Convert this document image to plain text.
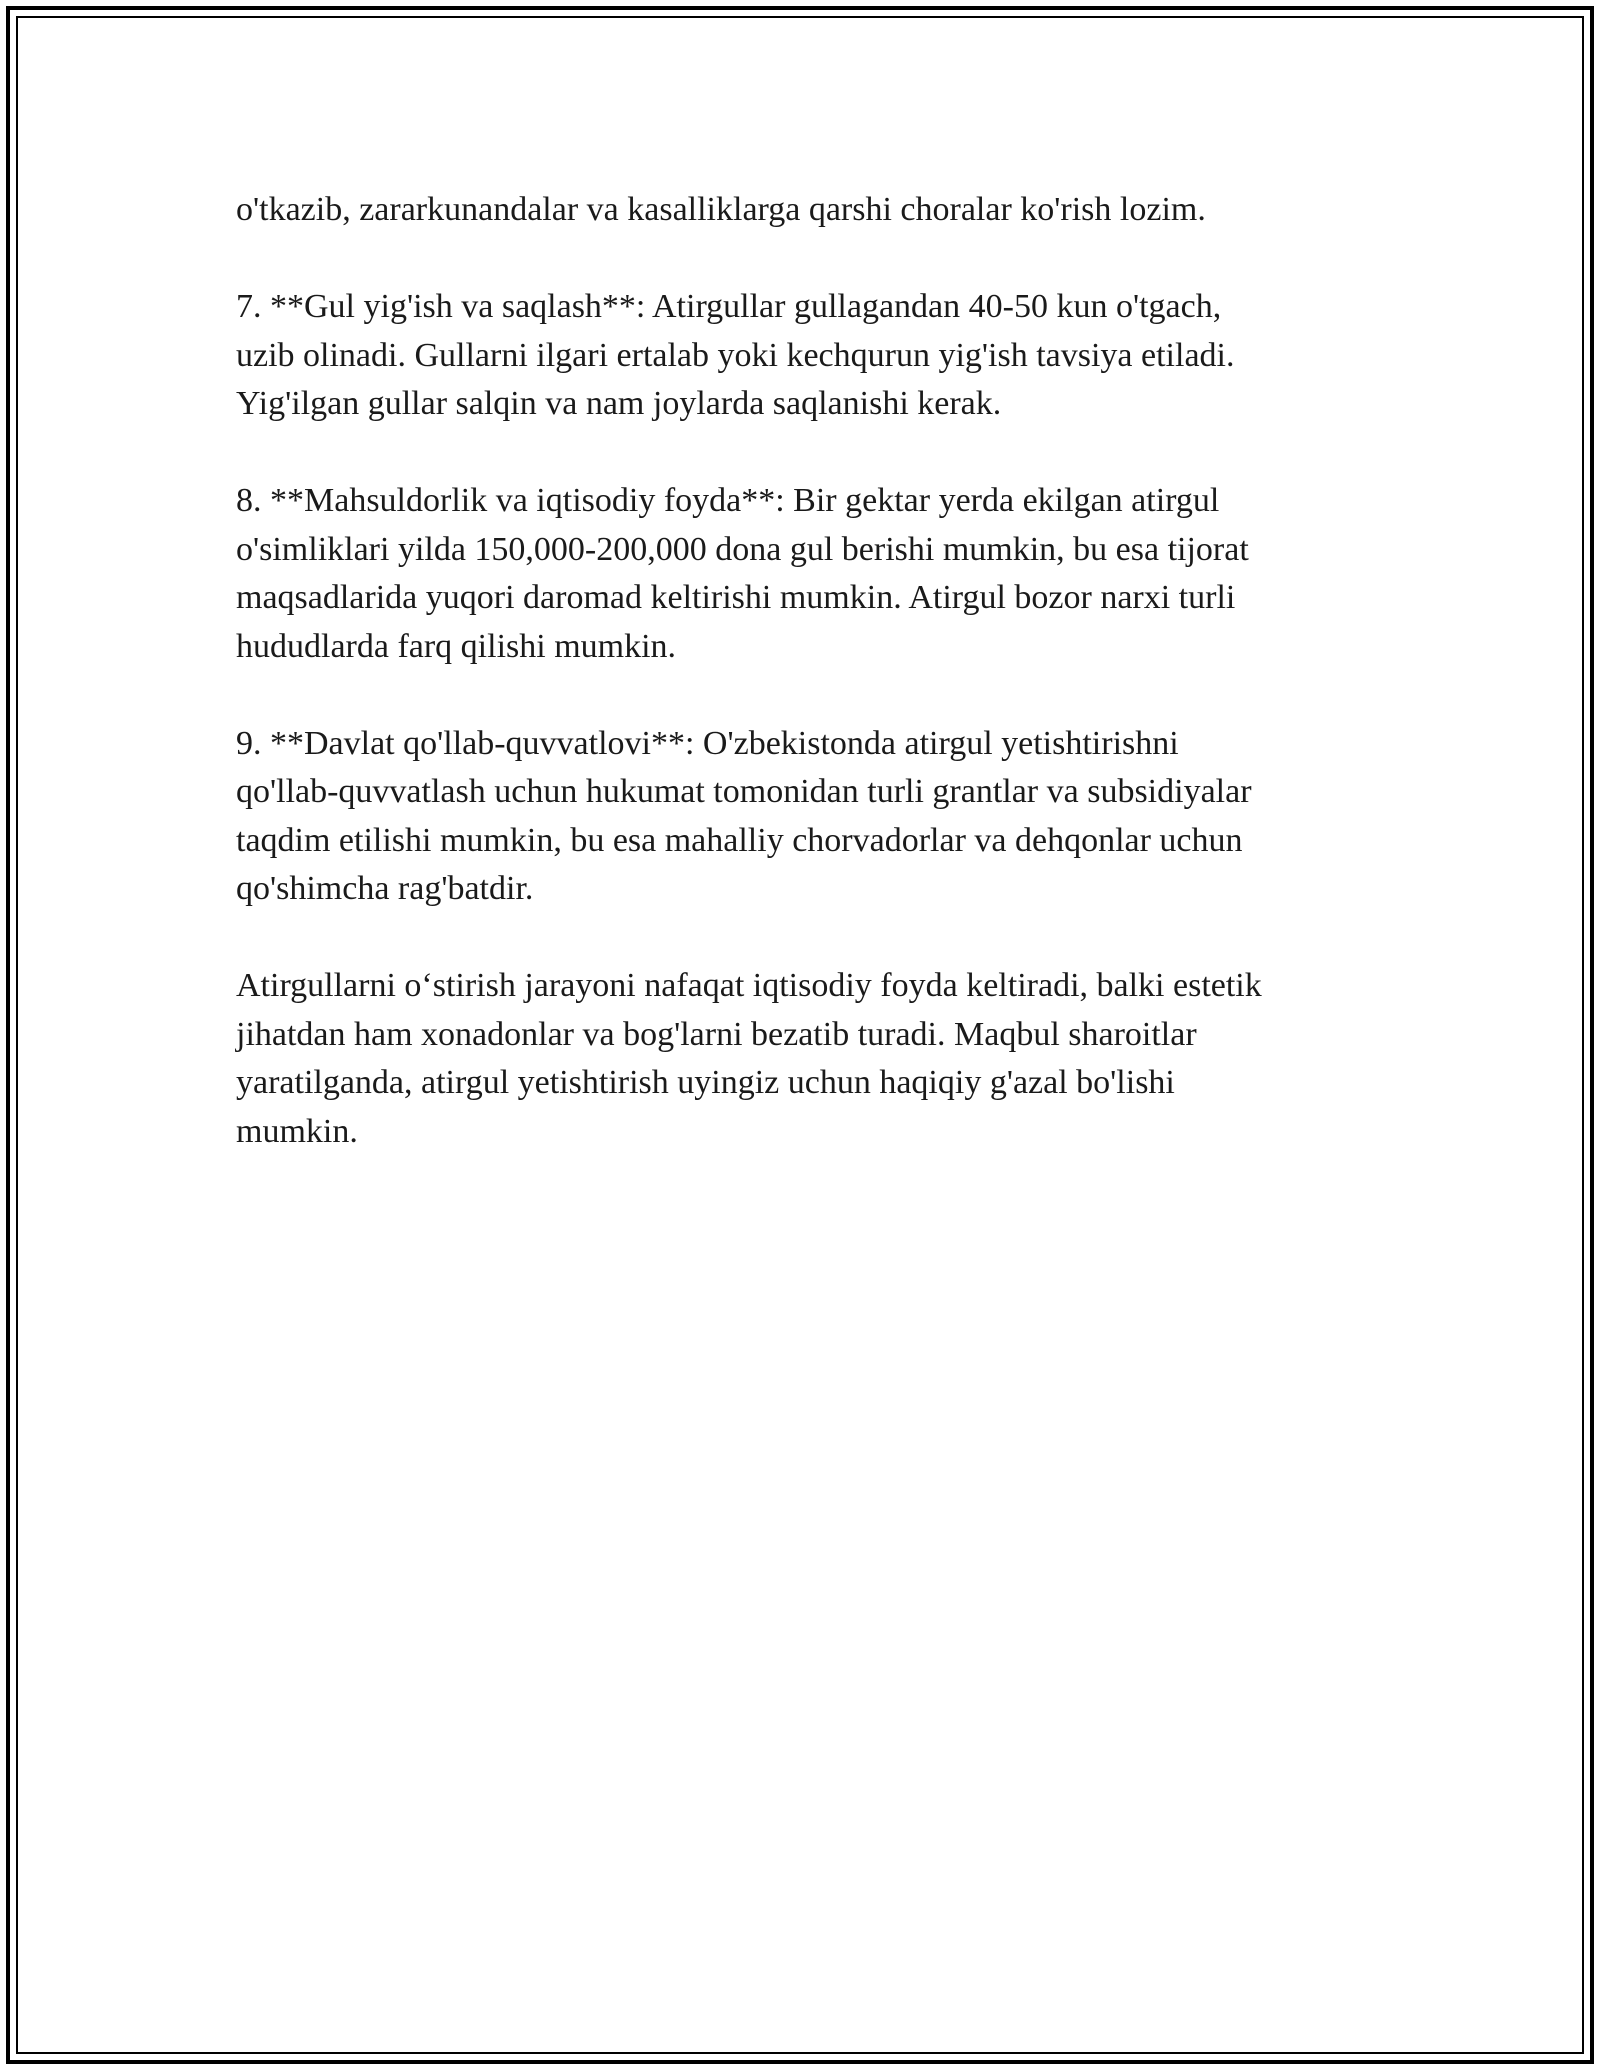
o'tkazib, zararkunandalar va kasalliklarga qarshi choralar ko'rish lozim.

7. **Gul yig'ish va saqlash**: Atirgullar gullagandan 40-50 kun o'tgach,
uzib olinadi. Gullarni ilgari ertalab yoki kechqurun yig'ish tavsiya etiladi.
Yig'ilgan gullar salqin va nam joylarda saqlanishi kerak.

8. **Mahsuldorlik va iqtisodiy foyda**: Bir gektar yerda ekilgan atirgul
o'simliklari yilda 150,000-200,000 dona gul berishi mumkin, bu esa tijorat
maqsadlarida yuqori daromad keltirishi mumkin. Atirgul bozor narxi turli
hududlarda farq qilishi mumkin.

9. **Davlat qo'llab-quvvatlovi**: O'zbekistonda atirgul yetishtirishni
qo'llab-quvvatlash uchun hukumat tomonidan turli grantlar va subsidiyalar
taqdim etilishi mumkin, bu esa mahalliy chorvadorlar va dehqonlar uchun
qo'shimcha rag'batdir.

Atirgullarni o‘stirish jarayoni nafaqat iqtisodiy foyda keltiradi, balki estetik
jihatdan ham xonadonlar va bog'larni bezatib turadi. Maqbul sharoitlar
yaratilganda, atirgul yetishtirish uyingiz uchun haqiqiy g'azal bo'lishi
mumkin.
